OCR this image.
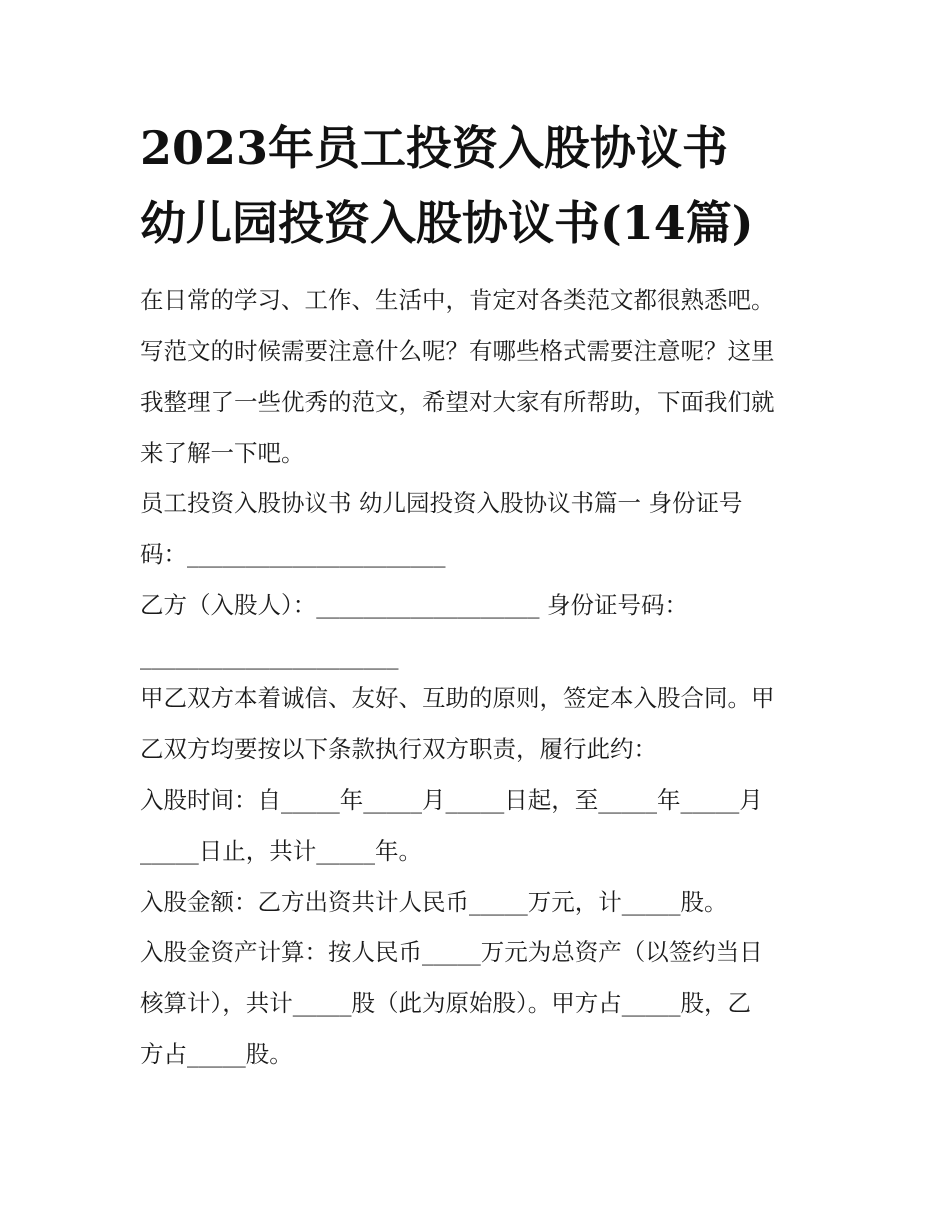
2023年员工投资入股协议书
幼儿园投资入股协议书(14篇)

在日常的学习、工作、生活中，肯定对各类范文都很熟悉吧。

写范文的时候需要注意什么呢？有哪些格式需要注意呢？这里

我整理了一些优秀的范文，希望对大家有所帮助，下面我们就

来了解一下吧。

员工投资入股协议书 幼儿园投资入股协议书篇一 身份证号

码：______________________

乙方（入股人）：___________________ 身份证号码：

______________________

甲乙双方本着诚信、友好、互助的原则，签定本入股合同。甲

乙双方均要按以下条款执行双方职责，履行此约：

入股时间：自_____年_____月_____日起，至_____年_____月

_____日止，共计_____年。

入股金额：乙方出资共计人民币_____万元，计_____股。

入股金资产计算：按人民币_____万元为总资产（以签约当日

核算计），共计_____股（此为原始股）。甲方占_____股，乙

方占_____股。
